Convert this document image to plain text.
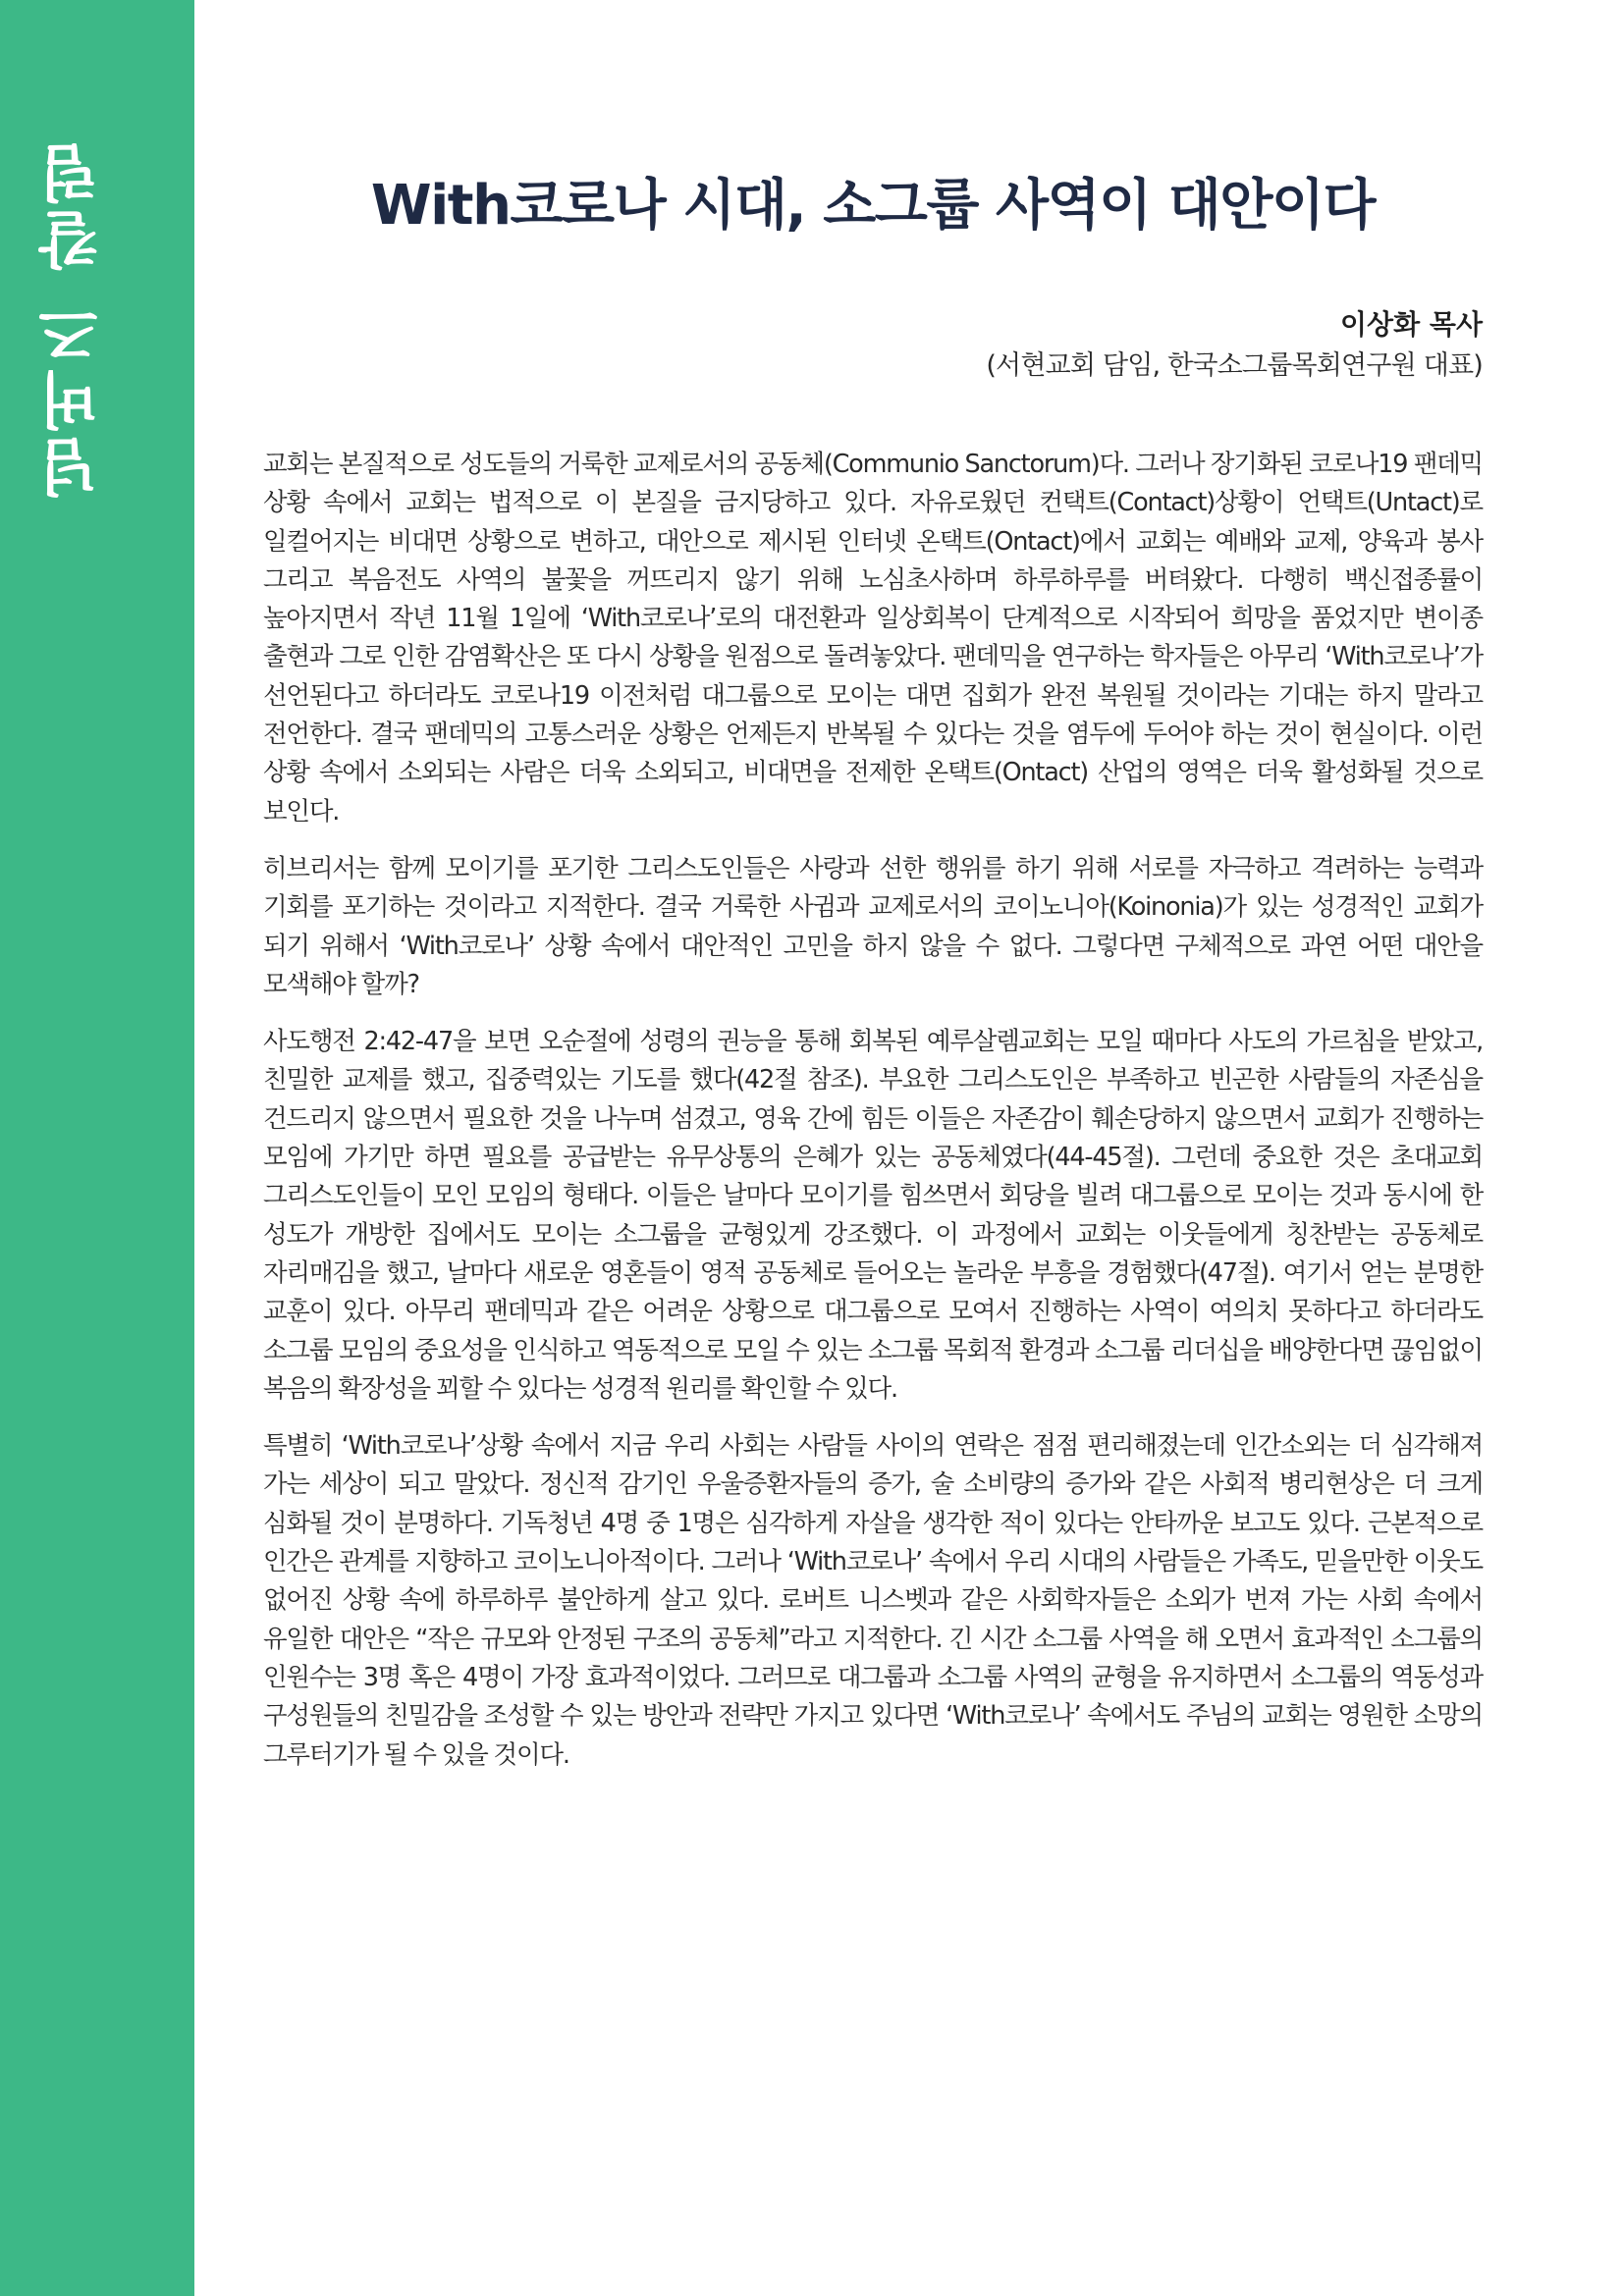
넘버즈 칼럼	With코로나 시대, 소그룹 사역이 대안이다
이상화 목사
(서현교회 담임, 한국소그룹목회연구원 대표)

교회는 본질적으로 성도들의 거룩한 교제로서의 공동체(Communio Sanctorum)다. 그러나 장기화된 코로나19 팬데믹 상황 속에서 교회는 법적으로 이 본질을 금지당하고 있다. 자유로웠던 컨택트(Contact)상황이 언택트(Untact)로 일컬어지는 비대면 상황으로 변하고, 대안으로 제시된 인터넷 온택트(Ontact)에서 교회는 예배와 교제, 양육과 봉사 그리고 복음전도 사역의 불꽃을 꺼뜨리지 않기 위해 노심초사하며 하루하루를 버텨왔다. 다행히 백신접종률이 높아지면서 작년 11월 1일에 ‘With코로나’로의 대전환과 일상회복이 단계적으로 시작되어 희망을 품었지만 변이종 출현과 그로 인한 감염확산은 또 다시 상황을 원점으로 돌려놓았다. 팬데믹을 연구하는 학자들은 아무리 ‘With코로나’가 선언된다고 하더라도 코로나19 이전처럼 대그룹으로 모이는 대면 집회가 완전 복원될 것이라는 기대는 하지 말라고 전언한다. 결국 팬데믹의 고통스러운 상황은 언제든지 반복될 수 있다는 것을 염두에 두어야 하는 것이 현실이다. 이런 상황 속에서 소외되는 사람은 더욱 소외되고, 비대면을 전제한 온택트(Ontact) 산업의 영역은 더욱 활성화될 것으로 보인다.

히브리서는 함께 모이기를 포기한 그리스도인들은 사랑과 선한 행위를 하기 위해 서로를 자극하고 격려하는 능력과 기회를 포기하는 것이라고 지적한다. 결국 거룩한 사귐과 교제로서의 코이노니아(Koinonia)가 있는 성경적인 교회가 되기 위해서 ‘With코로나’ 상황 속에서 대안적인 고민을 하지 않을 수 없다. 그렇다면 구체적으로 과연 어떤 대안을 모색해야 할까?

사도행전 2:42-47을 보면 오순절에 성령의 권능을 통해 회복된 예루살렘교회는 모일 때마다 사도의 가르침을 받았고, 친밀한 교제를 했고, 집중력있는 기도를 했다(42절 참조). 부요한 그리스도인은 부족하고 빈곤한 사람들의 자존심을 건드리지 않으면서 필요한 것을 나누며 섬겼고, 영육 간에 힘든 이들은 자존감이 훼손당하지 않으면서 교회가 진행하는 모임에 가기만 하면 필요를 공급받는 유무상통의 은혜가 있는 공동체였다(44-45절). 그런데 중요한 것은 초대교회 그리스도인들이 모인 모임의 형태다. 이들은 날마다 모이기를 힘쓰면서 회당을 빌려 대그룹으로 모이는 것과 동시에 한 성도가 개방한 집에서도 모이는 소그룹을 균형있게 강조했다. 이 과정에서 교회는 이웃들에게 칭찬받는 공동체로 자리매김을 했고, 날마다 새로운 영혼들이 영적 공동체로 들어오는 놀라운 부흥을 경험했다(47절). 여기서 얻는 분명한 교훈이 있다. 아무리 팬데믹과 같은 어려운 상황으로 대그룹으로 모여서 진행하는 사역이 여의치 못하다고 하더라도 소그룹 모임의 중요성을 인식하고 역동적으로 모일 수 있는 소그룹 목회적 환경과 소그룹 리더십을 배양한다면 끊임없이 복음의 확장성을 꾀할 수 있다는 성경적 원리를 확인할 수 있다.

특별히 ‘With코로나’상황 속에서 지금 우리 사회는 사람들 사이의 연락은 점점 편리해졌는데 인간소외는 더 심각해져 가는 세상이 되고 말았다. 정신적 감기인 우울증환자들의 증가, 술 소비량의 증가와 같은 사회적 병리현상은 더 크게 심화될 것이 분명하다. 기독청년 4명 중 1명은 심각하게 자살을 생각한 적이 있다는 안타까운 보고도 있다. 근본적으로 인간은 관계를 지향하고 코이노니아적이다. 그러나 ‘With코로나’ 속에서 우리 시대의 사람들은 가족도, 믿을만한 이웃도 없어진 상황 속에 하루하루 불안하게 살고 있다. 로버트 니스벳과 같은 사회학자들은 소외가 번져 가는 사회 속에서 유일한 대안은 “작은 규모와 안정된 구조의 공동체”라고 지적한다. 긴 시간 소그룹 사역을 해 오면서 효과적인 소그룹의 인원수는 3명 혹은 4명이 가장 효과적이었다. 그러므로 대그룹과 소그룹 사역의 균형을 유지하면서 소그룹의 역동성과 구성원들의 친밀감을 조성할 수 있는 방안과 전략만 가지고 있다면 ‘With코로나’ 속에서도 주님의 교회는 영원한 소망의 그루터기가 될 수 있을 것이다.
